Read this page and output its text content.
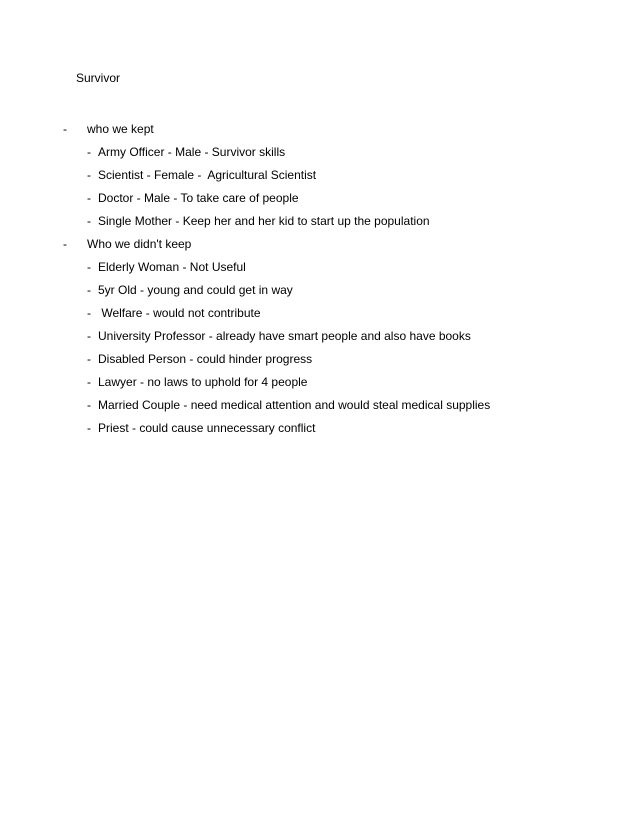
Survivor
- who we kept
- Army Officer - Male - Survivor skills
- Scientist - Female -  Agricultural Scientist
- Doctor - Male - To take care of people
- Single Mother - Keep her and her kid to start up the population
- Who we didn't keep
- Elderly Woman - Not Useful
- 5yr Old - young and could get in way
- Welfare - would not contribute
- University Professor - already have smart people and also have books
- Disabled Person - could hinder progress
- Lawyer - no laws to uphold for 4 people
- Married Couple - need medical attention and would steal medical supplies
- Priest - could cause unnecessary conflict
